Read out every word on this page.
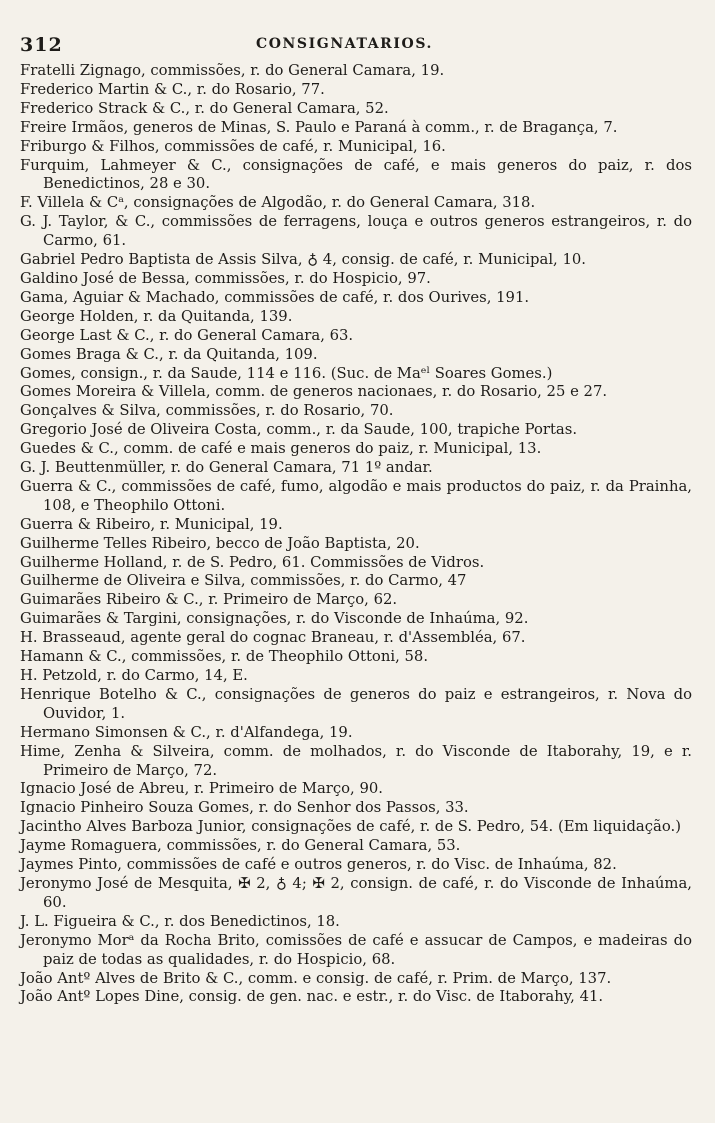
312	CONSIGNATARIOS.
Fratelli Zignago, commissões, r. do General Camara, 19.
Frederico Martin & C., r. do Rosario, 77.
Frederico Strack & C., r. do General Camara, 52.
Freire Irmãos, generos de Minas, S. Paulo e Paraná à comm., r. de Bragança, 7.
Friburgo & Filhos, commissões de café, r. Municipal, 16.
Furquim, Lahmeyer & C., consignações de café, e mais generos do paiz, r. dos Benedictinos, 28 e 30.
F. Villela & Cᵃ, consignações de Algodão, r. do General Camara, 318.
G. J. Taylor, & C., commissões de ferragens, louça e outros generos estrangeiros, r. do Carmo, 61.
Gabriel Pedro Baptista de Assis Silva, ♁ 4, consig. de café, r. Municipal, 10.
Galdino José de Bessa, commissões, r. do Hospicio, 97.
Gama, Aguiar & Machado, commissões de café, r. dos Ourives, 191.
George Holden, r. da Quitanda, 139.
George Last & C., r. do General Camara, 63.
Gomes Braga & C., r. da Quitanda, 109.
Gomes, consign., r. da Saude, 114 e 116. (Suc. de Maᵉˡ Soares Gomes.)
Gomes Moreira & Villela, comm. de generos nacionaes, r. do Rosario, 25 e 27.
Gonçalves & Silva, commissões, r. do Rosario, 70.
Gregorio José de Oliveira Costa, comm., r. da Saude, 100, trapiche Portas.
Guedes & C., comm. de café e mais generos do paiz, r. Municipal, 13.
G. J. Beuttenmüller, r. do General Camara, 71 1º andar.
Guerra & C., commissões de café, fumo, algodão e mais productos do paiz, r. da Prainha, 108, e Theophilo Ottoni.
Guerra & Ribeiro, r. Municipal, 19.
Guilherme Telles Ribeiro, becco de João Baptista, 20.
Guilherme Holland, r. de S. Pedro, 61. Commissões de Vidros.
Guilherme de Oliveira e Silva, commissões, r. do Carmo, 47
Guimarães Ribeiro & C., r. Primeiro de Março, 62.
Guimarães & Targini, consignações, r. do Visconde de Inhaúma, 92.
H. Brasseaud, agente geral do cognac Braneau, r. d'Assembléa, 67.
Hamann & C., commissões, r. de Theophilo Ottoni, 58.
H. Petzold, r. do Carmo, 14, E.
Henrique Botelho & C., consignações de generos do paiz e estrangeiros, r. Nova do Ouvidor, 1.
Hermano Simonsen & C., r. d'Alfandega, 19.
Hime, Zenha & Silveira, comm. de molhados, r. do Visconde de Itaborahy, 19, e r. Primeiro de Março, 72.
Ignacio José de Abreu, r. Primeiro de Março, 90.
Ignacio Pinheiro Souza Gomes, r. do Senhor dos Passos, 33.
Jacintho Alves Barboza Junior, consignações de café, r. de S. Pedro, 54. (Em liquidação.)
Jayme Romaguera, commissões, r. do General Camara, 53.
Jaymes Pinto, commissões de café e outros generos, r. do Visc. de Inhaúma, 82.
Jeronymo José de Mesquita, ✠ 2, ♁ 4; ✠ 2, consign. de café, r. do Visconde de Inhaúma, 60.
J. L. Figueira & C., r. dos Benedictinos, 18.
Jeronymo Morᵃ da Rocha Brito, comissões de café e assucar de Campos, e madeiras do paiz de todas as qualidades, r. do Hospicio, 68.
João Antº Alves de Brito & C., comm. e consig. de café, r. Prim. de Março, 137.
João Antº Lopes Dine, consig. de gen. nac. e estr., r. do Visc. de Itaborahy, 41.
